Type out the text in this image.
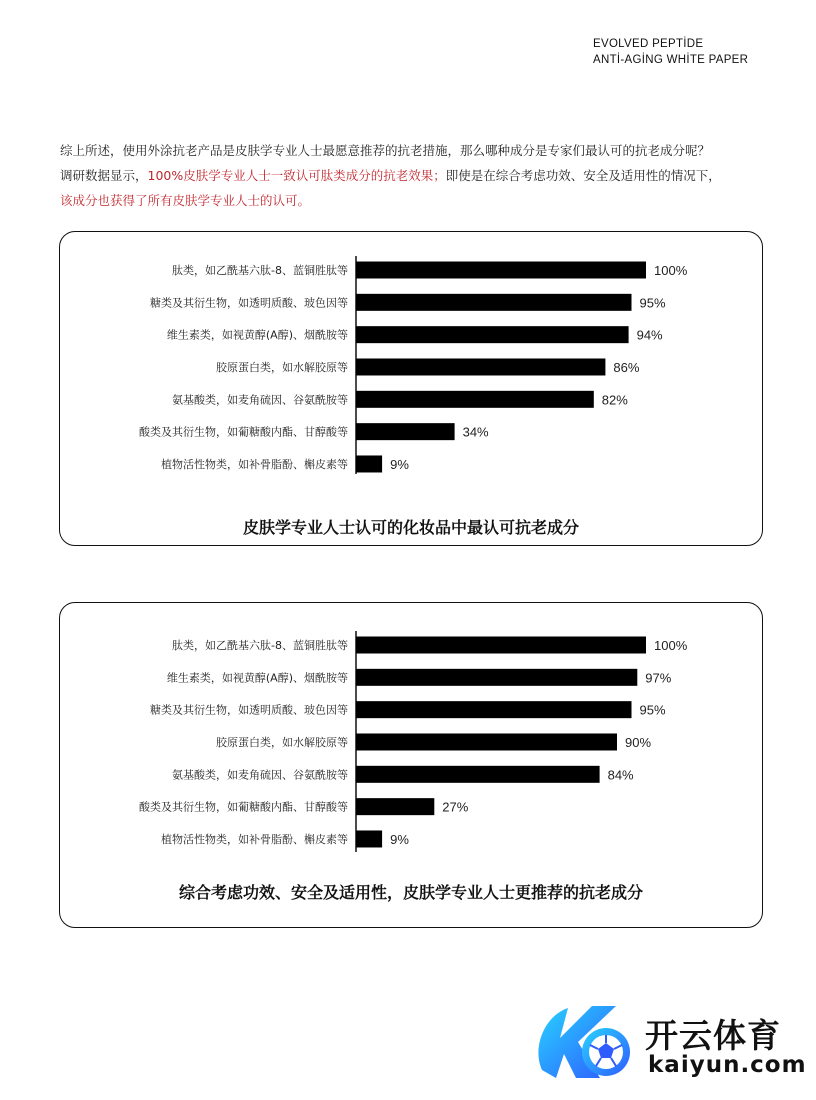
EVOLVED PEPTİDE
ANTİ-AGİNG WHİTE PAPER
综上所述，使用外涂抗老产品是皮肤学专业人士最愿意推荐的抗老措施，那么哪种成分是专家们最认可的抗老成分呢？
调研数据显示，100%皮肤学专业人士一致认可肽类成分的抗老效果；即使是在综合考虑功效、安全及适用性的情况下，
该成分也获得了所有皮肤学专业人士的认可。
肽类，如乙酰基六肽-8、蓝铜胜肽等	100%
糖类及其衍生物，如透明质酸、玻色因等	95%
维生素类，如视黄醇(A醇)、烟酰胺等	94%
胶原蛋白类，如水解胶原等	86%
氨基酸类，如麦角硫因、谷氨酰胺等	82%
酸类及其衍生物，如葡糖酸内酯、甘醇酸等	34%
植物活性物类，如补骨脂酚、槲皮素等	9%
皮肤学专业人士认可的化妆品中最认可抗老成分
肽类，如乙酰基六肽-8、蓝铜胜肽等	100%
维生素类，如视黄醇(A醇)、烟酰胺等	97%
糖类及其衍生物，如透明质酸、玻色因等	95%
胶原蛋白类，如水解胶原等	90%
氨基酸类，如麦角硫因、谷氨酰胺等	84%
酸类及其衍生物，如葡糖酸内酯、甘醇酸等	27%
植物活性物类，如补骨脂酚、槲皮素等	9%
综合考虑功效、安全及适用性，皮肤学专业人士更推荐的抗老成分
开云体育
kaiyun.com
